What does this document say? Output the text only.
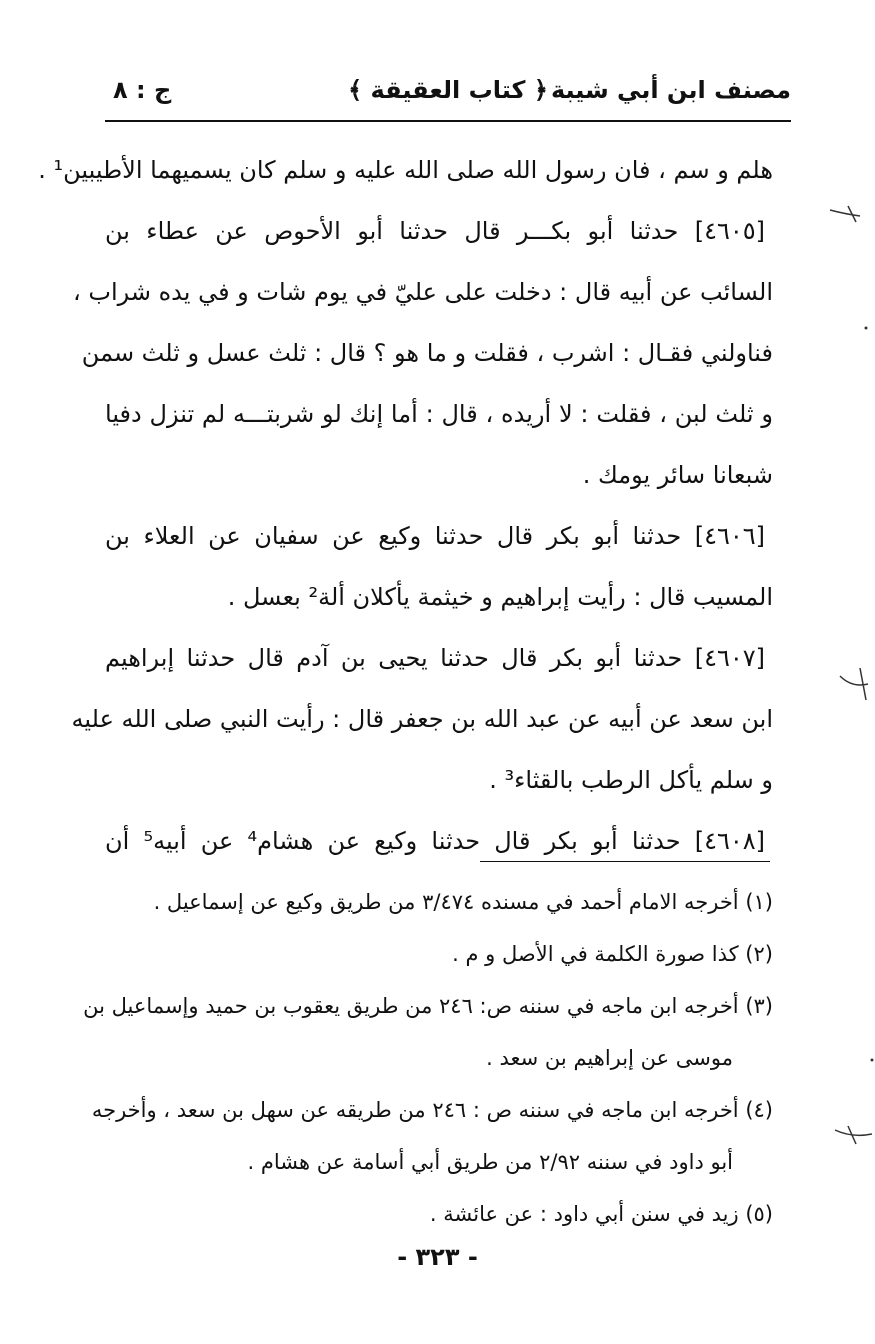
مصنف ابن أبي شيبة
﴿ كتاب العقيقة ﴾
ج : ٨
هلم و سم ، فان رسول الله صلى الله عليه و سلم كان يسميهما الأطيبين¹ .
[٤٦٠٥] حدثنا أبو بكـــر قال حدثنا أبو الأحوص عن عطاء بن
السائب عن أبيه قال : دخلت على عليّ في يوم شات و في يده شراب ،
فناولني فقـال : اشرب ، فقلت و ما هو ؟ قال : ثلث عسل و ثلث سمن
و ثلث لبن ، فقلت : لا أريده ، قال : أما إنك لو شربتـــه لم تنزل دفيا
شبعانا سائر يومك .
[٤٦٠٦] حدثنا أبو بكر قال حدثنا وكيع عن سفيان عن العلاء بن
المسيب قال : رأيت إبراهيم و خيثمة يأكلان ألة² بعسل .
[٤٦٠٧] حدثنا أبو بكر قال حدثنا يحيى بن آدم قال حدثنا إبراهيم
ابن سعد عن أبيه عن عبد الله بن جعفر قال : رأيت النبي صلى الله عليه
و سلم يأكل الرطب بالقثاء³ .
[٤٦٠٨] حدثنا أبو بكر قال حدثنا وكيع عن هشام⁴ عن أبيه⁵ أن
(١) أخرجه الامام أحمد في مسنده ٣/٤٧٤ من طريق وكيع عن إسماعيل .
(٢) كذا صورة الكلمة في الأصل و م .
(٣) أخرجه ابن ماجه في سننه ص: ٢٤٦ من طريق يعقوب بن حميد وإسماعيل بن
موسى عن إبراهيم بن سعد .
(٤) أخرجه ابن ماجه في سننه ص : ٢٤٦ من طريقه عن سهل بن سعد ، وأخرجه
أبو داود في سننه ٢/٩٢ من طريق أبي أسامة عن هشام .
(٥) زيد في سنن أبي داود : عن عائشة .
- ٣٢٣ -
